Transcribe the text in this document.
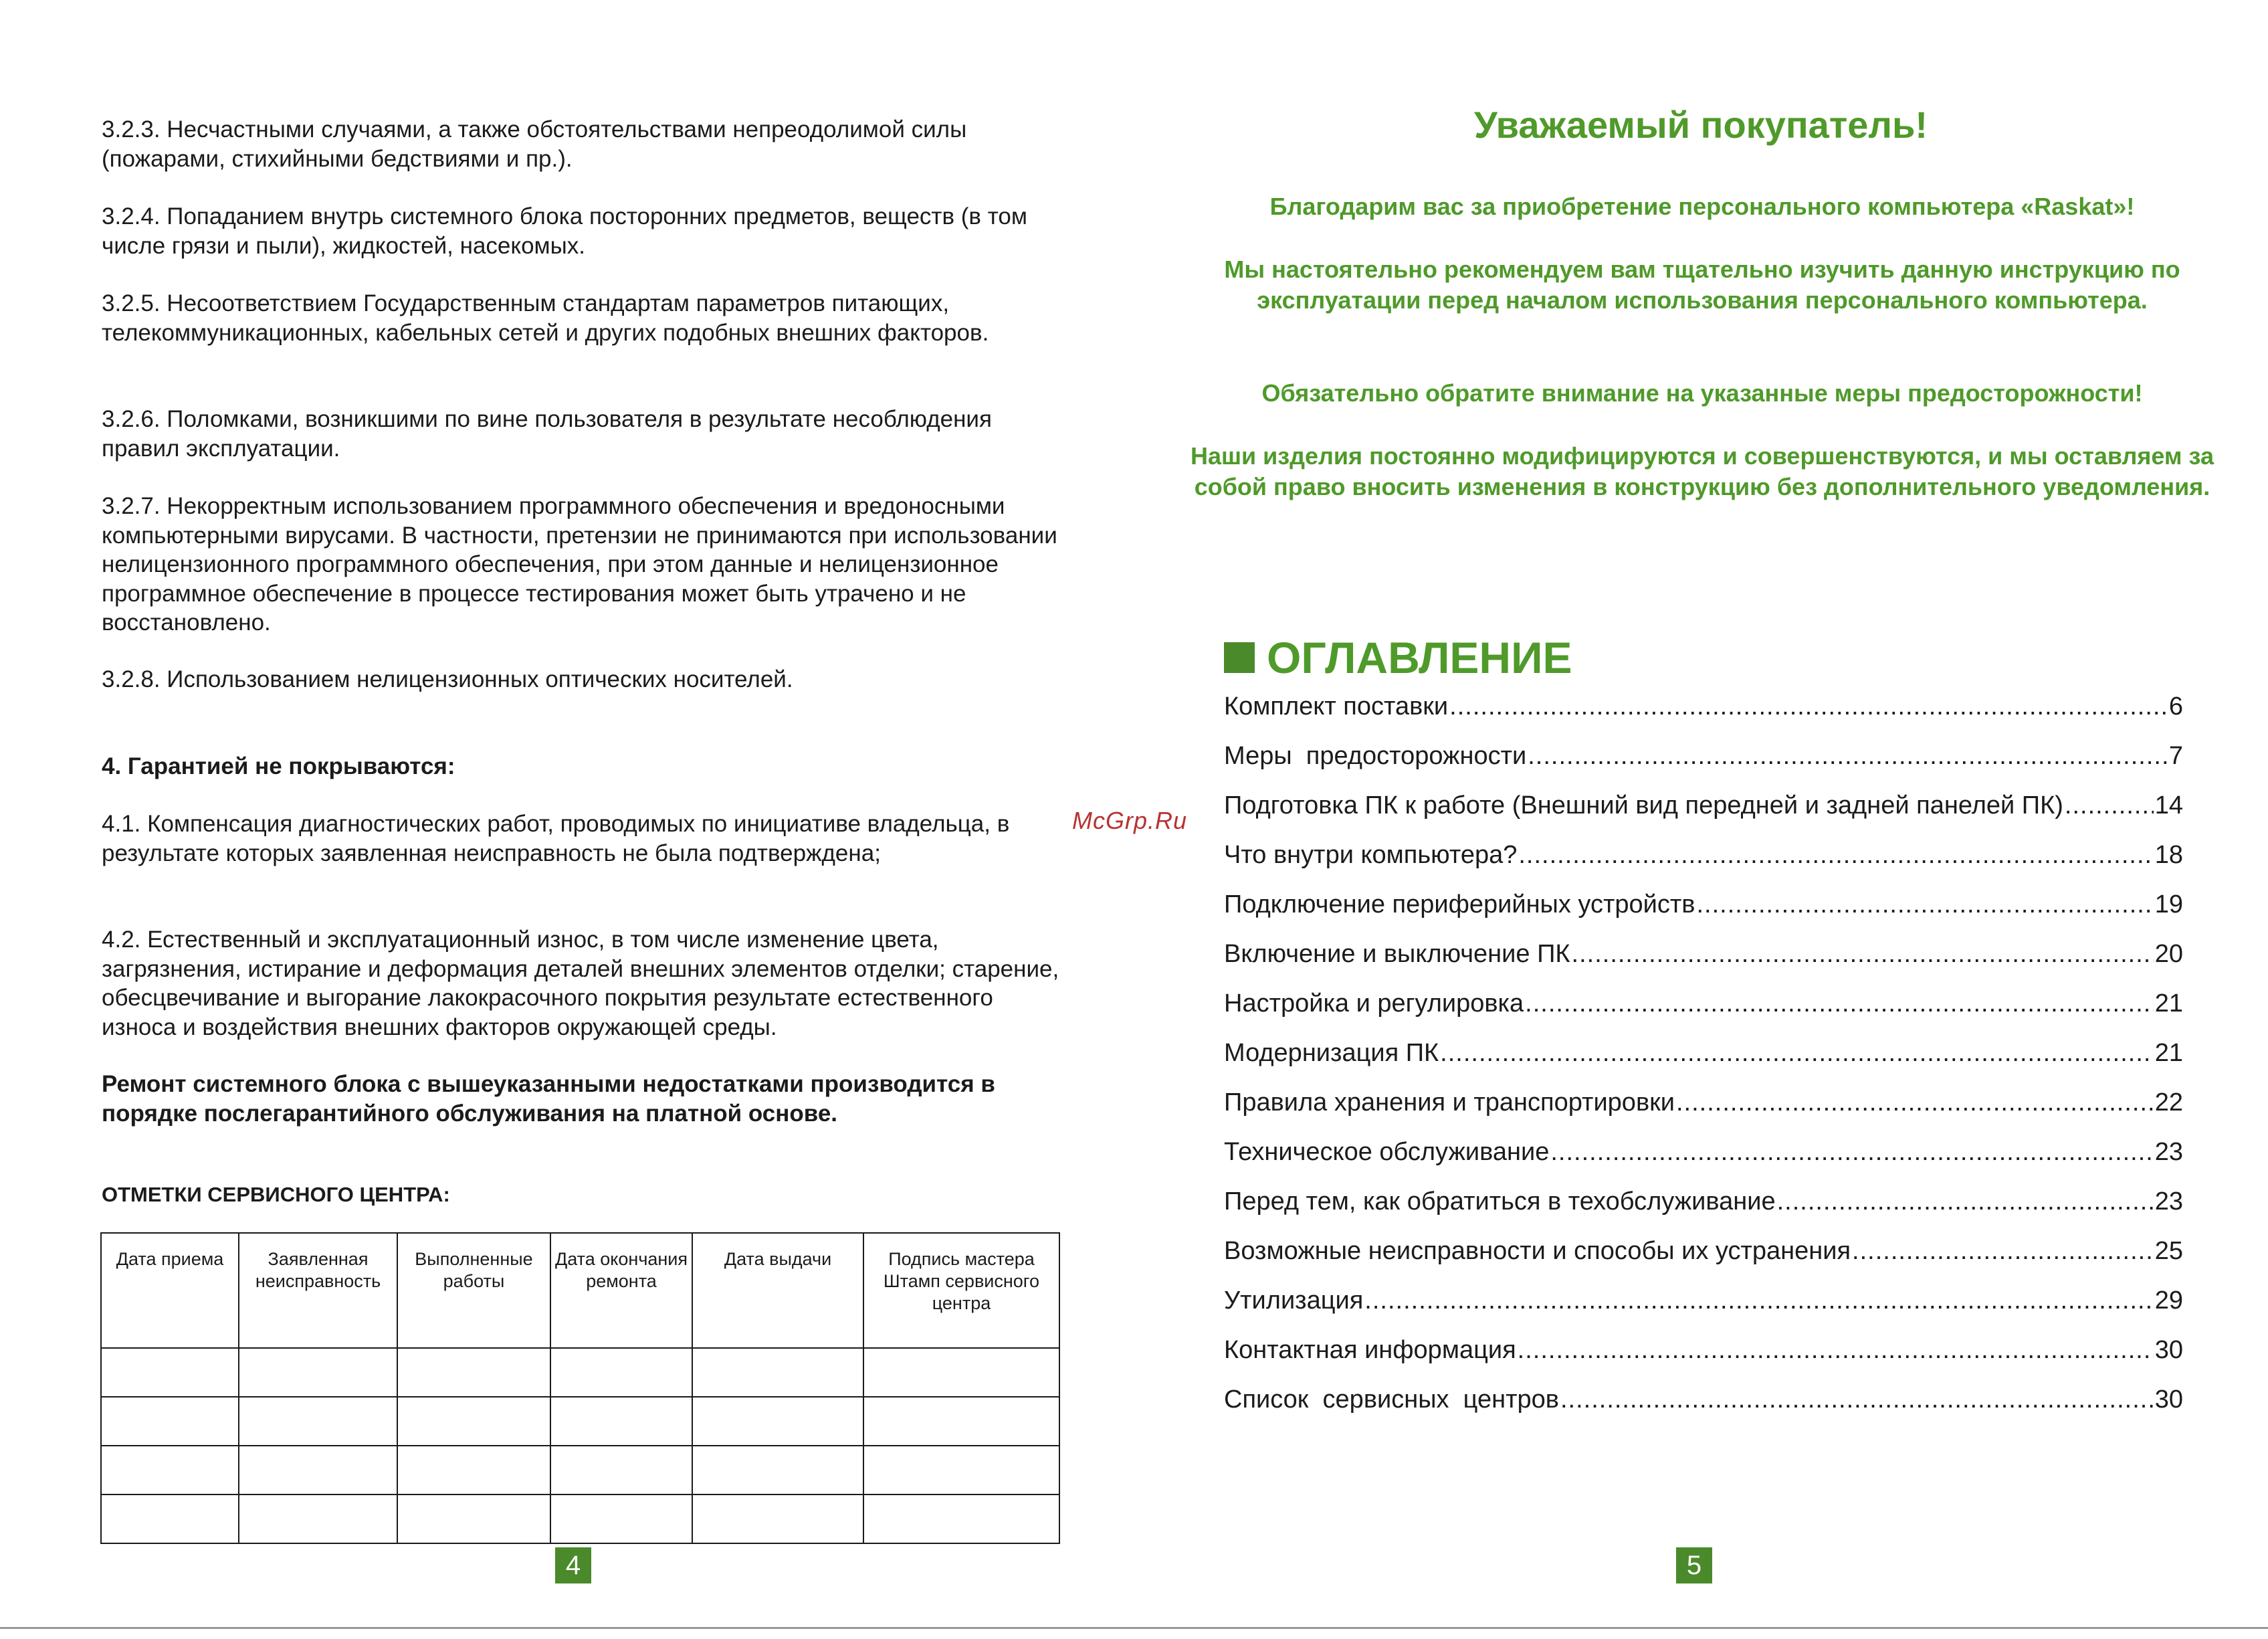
3.2.3. Несчастными случаями, а также обстоятельствами непреодолимой силы (пожарами, стихийными бедствиями и пр.).

3.2.4. Попаданием внутрь системного блока посторонних предметов, веществ (в том числе грязи и пыли), жидкостей, насекомых.

3.2.5. Несоответствием Государственным стандартам параметров питающих, телекоммуникационных, кабельных сетей и других подобных внешних факторов.

3.2.6. Поломками, возникшими по вине пользователя в результате несоблюдения правил эксплуатации.

3.2.7. Некорректным использованием программного обеспечения и вредоносными компьютерными вирусами. В частности, претензии не принимаются при использовании нелицензионного программного обеспечения, при этом данные и нелицензионное программное обеспечение в процессе тестирования может быть утрачено и не восстановлено.

3.2.8. Использованием нелицензионных оптических носителей.

4. Гарантией не покрываются:

4.1. Компенсация диагностических работ, проводимых по инициативе владельца, в результате которых заявленная неисправность не была подтверждена;

4.2. Естественный и эксплуатационный износ, в том числе изменение цвета, загрязнения, истирание и деформация деталей внешних элементов отделки; старение, обесцвечивание и выгорание лакокрасочного покрытия результате естественного износа и воздействия внешних факторов окружающей среды.

Ремонт системного блока с вышеуказанными недостатками производится в порядке послегарантийного обслуживания на платной основе.

ОТМЕТКИ СЕРВИСНОГО ЦЕНТРА:

Дата приема	Заявленная неисправность	Выполненные работы	Дата окончания ремонта	Дата выдачи	Подпись мастера Штамп сервисного центра

4
McGrp.Ru
Уважаемый покупатель!

Благодарим вас за приобретение персонального компьютера «Raskat»!

Мы настоятельно рекомендуем вам тщательно изучить данную инструкцию по эксплуатации перед началом использования персонального компьютера.

Обязательно обратите внимание на указанные меры предосторожности!

Наши изделия постоянно модифицируются и совершенствуются, и мы оставляем за собой право вносить изменения в конструкцию без дополнительного уведомления.

ОГЛАВЛЕНИЕ
Комплект поставки .....	6
Меры  предосторожности .....	7
Подготовка ПК к работе (Внешний вид передней и задней панелей ПК) .....	14
Что внутри компьютера? .....	18
Подключение периферийных устройств .....	19
Включение и выключение ПК .....	20
Настройка и регулировка .....	21
Модернизация ПК .....	21
Правила хранения и транспортировки .....	22
Техническое обслуживание .....	23
Перед тем, как обратиться в техобслуживание .....	23
Возможные неисправности и способы их устранения .....	25
Утилизация .....	29
Контактная информация .....	30
Список  сервисных  центров .....	30
5
